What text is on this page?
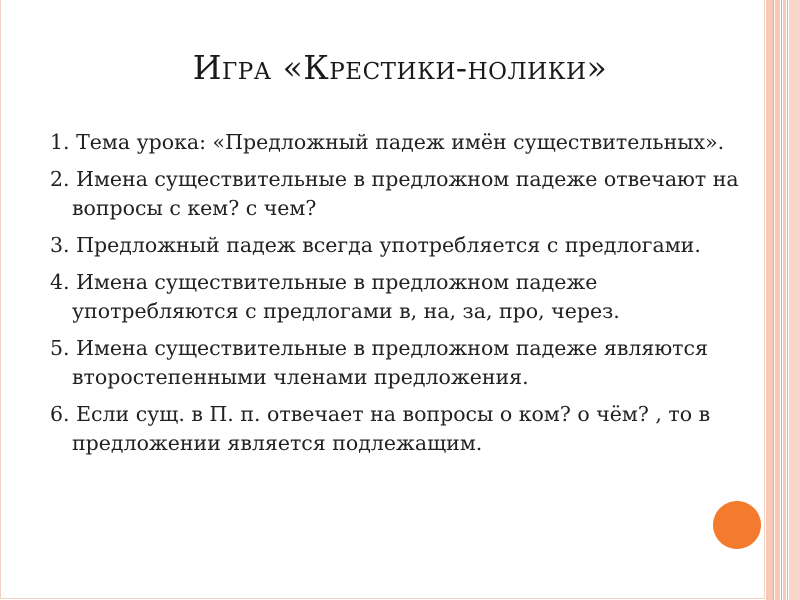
Игра «Крестики-нолики»

1. Тема урока: «Предложный падеж имён существительных».

2. Имена существительные в предложном падеже отвечают на вопросы с кем? с чем?

3. Предложный падеж всегда употребляется с предлогами.

4. Имена существительные в предложном падеже употребляются с предлогами в, на, за, про, через.

5. Имена существительные в предложном падеже являются второстепенными членами предложения.

6. Если сущ. в П. п. отвечает на вопросы о ком? о чём? , то в предложении является подлежащим.
